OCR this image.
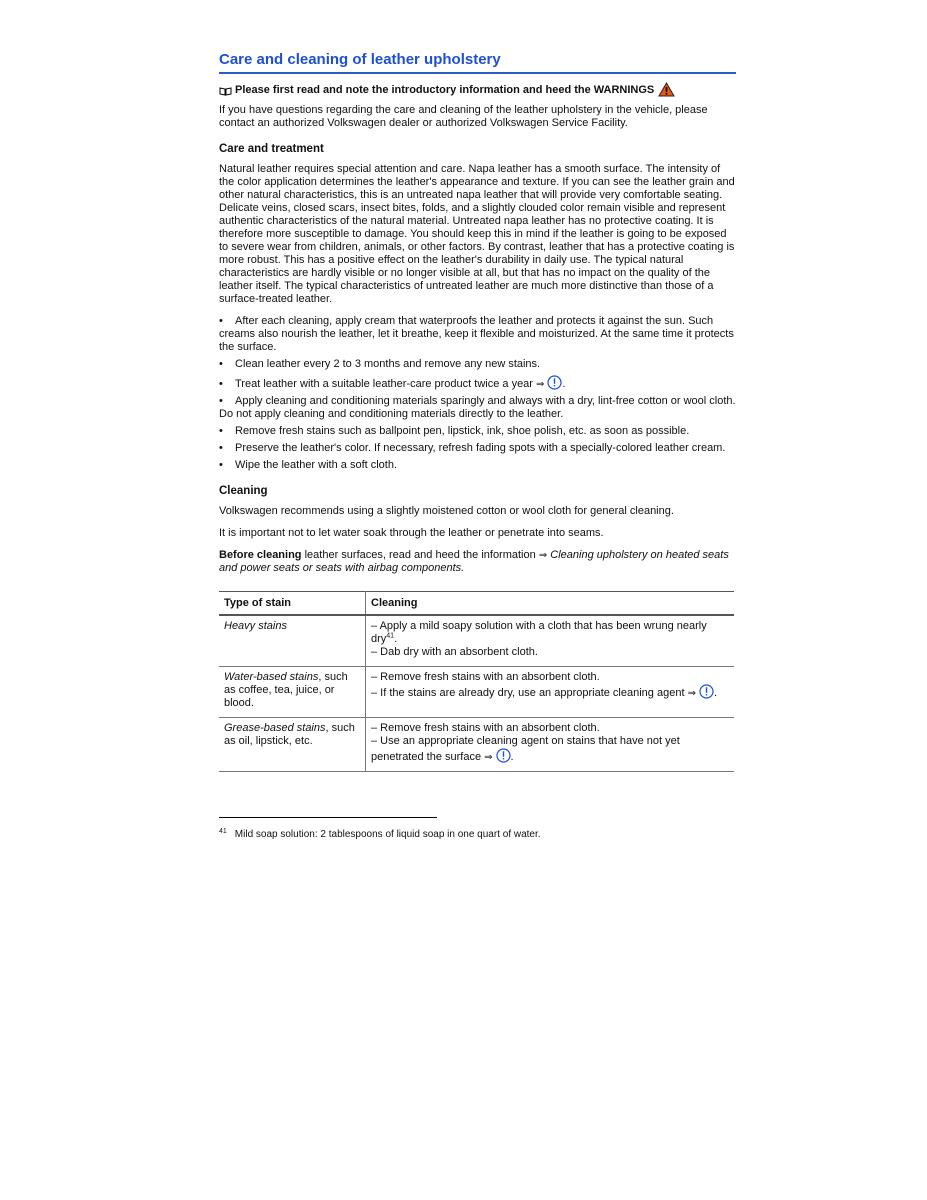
Care and cleaning of leather upholstery
Please first read and note the introductory information and heed the WARNINGS

If you have questions regarding the care and cleaning of the leather upholstery in the vehicle, please contact an authorized Volkswagen dealer or authorized Volkswagen Service Facility.

Care and treatment

Natural leather requires special attention and care. Napa leather has a smooth surface. The intensity of the color application determines the leather's appearance and texture. If you can see the leather grain and other natural characteristics, this is an untreated napa leather that will provide very comfortable seating. Delicate veins, closed scars, insect bites, folds, and a slightly clouded color remain visible and represent authentic characteristics of the natural material. Untreated napa leather has no protective coating. It is therefore more susceptible to damage. You should keep this in mind if the leather is going to be exposed to severe wear from children, animals, or other factors. By contrast, leather that has a protective coating is more robust. This has a positive effect on the leather's durability in daily use. The typical natural characteristics are hardly visible or no longer visible at all, but that has no impact on the quality of the leather itself. The typical characteristics of untreated leather are much more distinctive than those of a surface-treated leather.

• After each cleaning, apply cream that waterproofs the leather and protects it against the sun. Such creams also nourish the leather, let it breathe, keep it flexible and moisturized. At the same time it protects the surface.
• Clean leather every 2 to 3 months and remove any new stains.
• Treat leather with a suitable leather-care product twice a year ⇒ .
• Apply cleaning and conditioning materials sparingly and always with a dry, lint-free cotton or wool cloth. Do not apply cleaning and conditioning materials directly to the leather.
• Remove fresh stains such as ballpoint pen, lipstick, ink, shoe polish, etc. as soon as possible.
• Preserve the leather's color. If necessary, refresh fading spots with a specially-colored leather cream.
• Wipe the leather with a soft cloth.
Cleaning

Volkswagen recommends using a slightly moistened cotton or wool cloth for general cleaning.

It is important not to let water soak through the leather or penetrate into seams.

Before cleaning leather surfaces, read and heed the information ⇒ Cleaning upholstery on heated seats and power seats or seats with airbag components.

Type of stain	Cleaning
Heavy stains	– Apply a mild soapy solution with a cloth that has been wrung nearly dry$^{41}$.
– Dab dry with an absorbent cloth.

Water-based stains, such as coffee, tea, juice, or blood.	– Remove fresh stains with an absorbent cloth.
– If the stains are already dry, use an appropriate cleaning agent ⇒ .

Grease-based stains, such as oil, lipstick, etc.	– Remove fresh stains with an absorbent cloth.
– Use an appropriate cleaning agent on stains that have not yet penetrated the surface ⇒ .
$^{41}$ Mild soap solution: 2 tablespoons of liquid soap in one quart of water.
